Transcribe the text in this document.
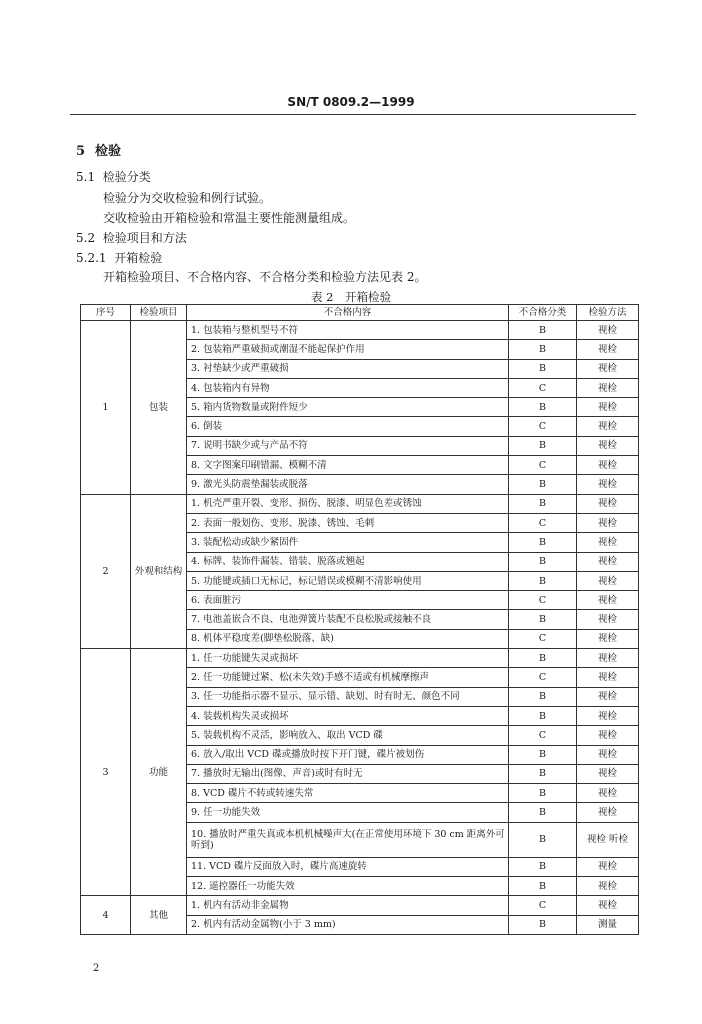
SN/T 0809.2—1999
5 检验
5.1 检验分类
检验分为交收检验和例行试验。
交收检验由开箱检验和常温主要性能测量组成。
5.2 检验项目和方法
5.2.1 开箱检验
开箱检验项目、不合格内容、不合格分类和检验方法见表 2。
表 2　开箱检验
序号	检验项目	不合格内容	不合格分类	检验方法
1	包装	1. 包装箱与整机型号不符	B	视检
		2. 包装箱严重破损或潮湿不能起保护作用	B	视检
		3. 衬垫缺少或严重破损	B	视检
		4. 包装箱内有异物	C	视检
		5. 箱内货物数量或附件短少	B	视检
		6. 倒装	C	视检
		7. 说明书缺少或与产品不符	B	视检
		8. 文字图案印刷错漏、模糊不清	C	视检
		9. 激光头防震垫漏装或脱落	B	视检
2	外观和结构	1. 机壳严重开裂、变形、损伤、脱漆、明显色差或锈蚀	B	视检
		2. 表面一般划伤、变形、脱漆、锈蚀、毛刺	C	视检
		3. 装配松动或缺少紧固件	B	视检
		4. 标牌、装饰件漏装、错装、脱落或翘起	B	视检
		5. 功能键或插口无标记，标记错误或模糊不清影响使用	B	视检
		6. 表面脏污	C	视检
		7. 电池盖嵌合不良、电池弹簧片装配不良松脱或接触不良	B	视检
		8. 机体平稳度差(脚垫松脱落、缺)	C	视检
3	功能	1. 任一功能键失灵或损坏	B	视检
		2. 任一功能键过紧、松(未失效)手感不适或有机械摩擦声	C	视检
		3. 任一功能指示器不显示、显示错、缺划、时有时无、颜色不同	B	视检
		4. 装载机构失灵或损坏	B	视检
		5. 装载机构不灵活，影响放入、取出 VCD 碟	C	视检
		6. 放入/取出 VCD 碟或播放时按下开门键，碟片被划伤	B	视检
		7. 播放时无输出(图像、声音)或时有时无	B	视检
		8. VCD 碟片不转或转速失常	B	视检
		9. 任一功能失效	B	视检
		10. 播放时严重失真或本机机械噪声大(在正常使用环境下 30 cm 距离外可听到)	B	视检 听检
		11. VCD 碟片反面放入时，碟片高速旋转	B	视检
		12. 遥控器任一功能失效	B	视检
4	其他	1. 机内有活动非金属物	C	视检
		2. 机内有活动金属物(小于 3 mm)	B	测量
2
